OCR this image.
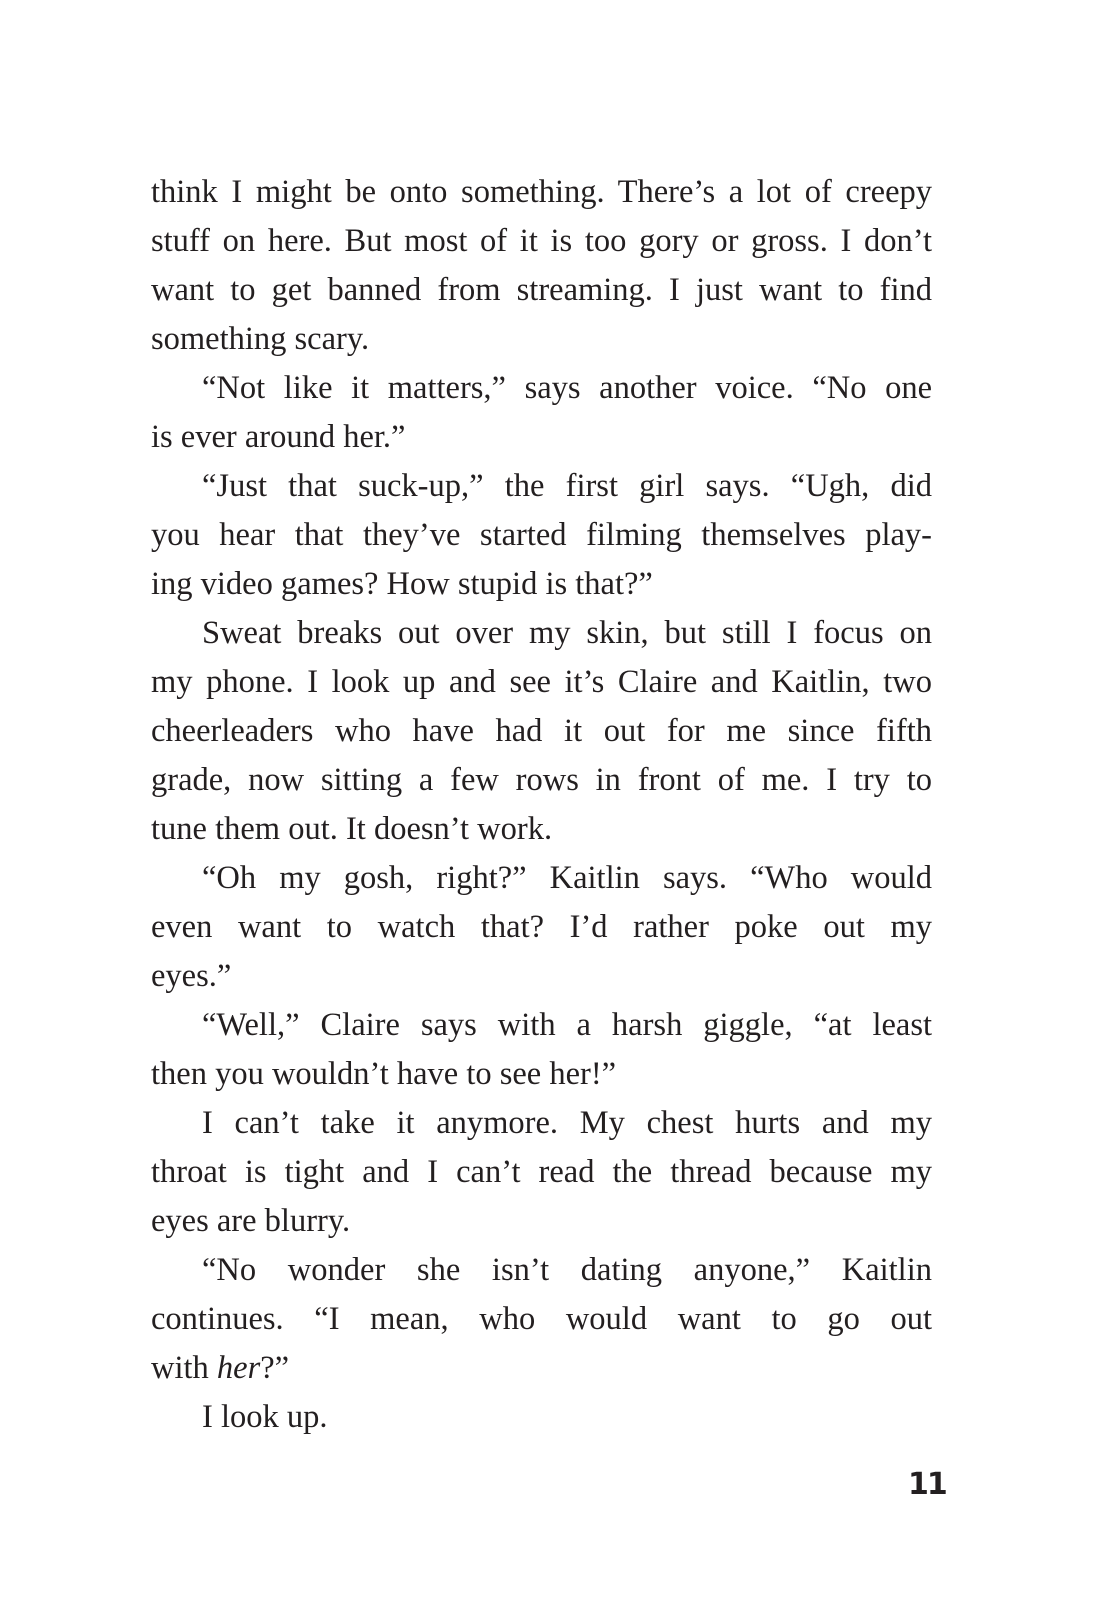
think I might be onto something. There’s a lot of creepy
stuff on here. But most of it is too gory or gross. I don’t
want to get banned from streaming. I just want to find
something scary.
“Not like it matters,” says another voice. “No one
is ever around her.”
“Just that suck-up,” the first girl says. “Ugh, did
you hear that they’ve started filming themselves play-
ing video games? How stupid is that?”
Sweat breaks out over my skin, but still I focus on
my phone. I look up and see it’s Claire and Kaitlin, two
cheerleaders who have had it out for me since fifth
grade, now sitting a few rows in front of me. I try to
tune them out. It doesn’t work.
“Oh my gosh, right?” Kaitlin says. “Who would
even want to watch that? I’d rather poke out my
eyes.”
“Well,” Claire says with a harsh giggle, “at least
then you wouldn’t have to see her!”
I can’t take it anymore. My chest hurts and my
throat is tight and I can’t read the thread because my
eyes are blurry.
“No wonder she isn’t dating anyone,” Kaitlin
continues. “I mean, who would want to go out
with her?”
I look up.
11
